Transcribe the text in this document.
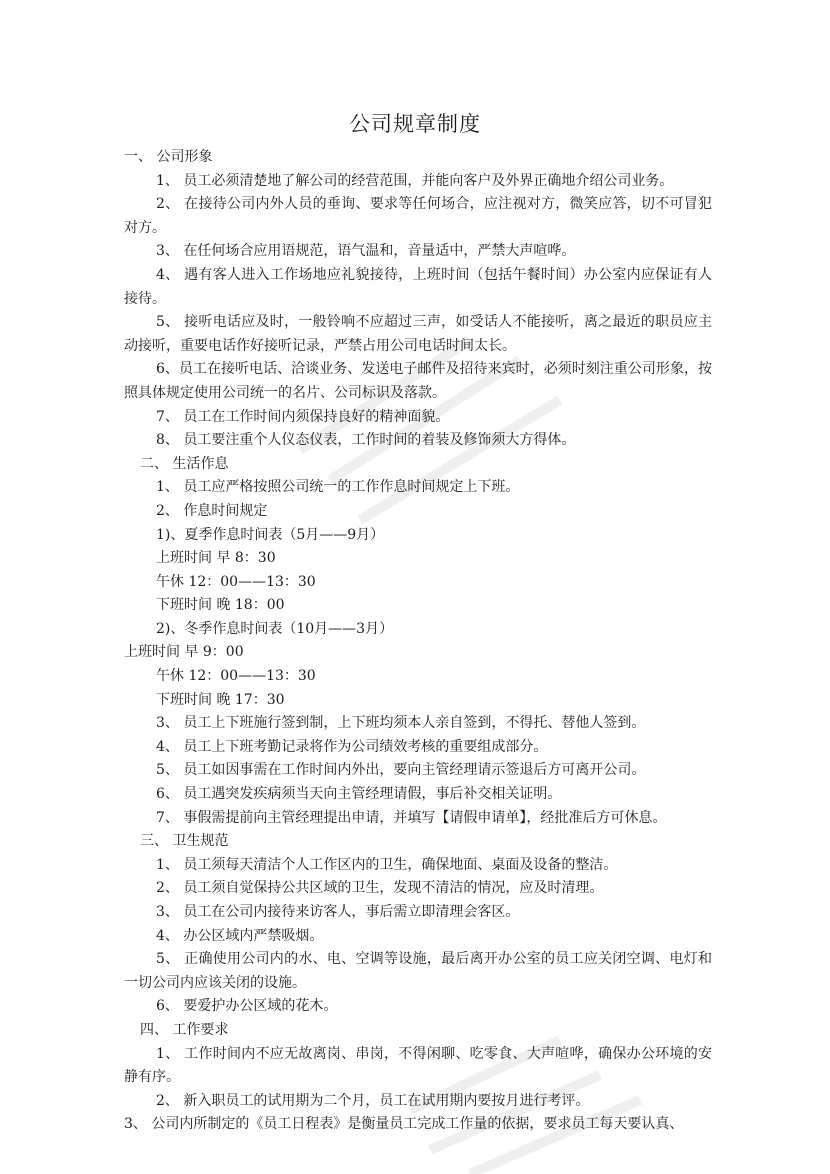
公司规章制度
一、 公司形象
1、 员工必须清楚地了解公司的经营范围，并能向客户及外界正确地介绍公司业务。
2、 在接待公司内外人员的垂询、要求等任何场合，应注视对方，微笑应答，切不可冒犯对方。
3、 在任何场合应用语规范，语气温和，音量适中，严禁大声喧哗。
4、 遇有客人进入工作场地应礼貌接待，上班时间（包括午餐时间）办公室内应保证有人接待。
5、 接听电话应及时，一般铃响不应超过三声，如受话人不能接听，离之最近的职员应主动接听，重要电话作好接听记录，严禁占用公司电话时间太长。
6、员工在接听电话、洽谈业务、发送电子邮件及招待来宾时，必须时刻注重公司形象，按照具体规定使用公司统一的名片、公司标识及落款。
7、 员工在工作时间内须保持良好的精神面貌。
8、 员工要注重个人仪态仪表，工作时间的着装及修饰须大方得体。
二、 生活作息
1、 员工应严格按照公司统一的工作作息时间规定上下班。
2、 作息时间规定
1)、夏季作息时间表（5月——9月）
上班时间 早 8：30
午休 12：00——13：30
下班时间 晚 18：00
2)、冬季作息时间表（10月——3月）
上班时间 早 9：00
午休 12：00——13：30
下班时间 晚 17：30
3、 员工上下班施行签到制，上下班均须本人亲自签到，不得托、替他人签到。
4、 员工上下班考勤记录将作为公司绩效考核的重要组成部分。
5、 员工如因事需在工作时间内外出，要向主管经理请示签退后方可离开公司。
6、 员工遇突发疾病须当天向主管经理请假，事后补交相关证明。
7、 事假需提前向主管经理提出申请，并填写【请假申请单】，经批准后方可休息。
三、 卫生规范
1、 员工须每天清洁个人工作区内的卫生，确保地面、桌面及设备的整洁。
2、 员工须自觉保持公共区域的卫生，发现不清洁的情况，应及时清理。
3、 员工在公司内接待来访客人，事后需立即清理会客区。
4、 办公区域内严禁吸烟。
5、 正确使用公司内的水、电、空调等设施，最后离开办公室的员工应关闭空调、电灯和一切公司内应该关闭的设施。
6、 要爱护办公区域的花木。
四、 工作要求
1、 工作时间内不应无故离岗、串岗，不得闲聊、吃零食、大声喧哗，确保办公环境的安静有序。
2、 新入职员工的试用期为二个月，员工在试用期内要按月进行考评。
3、 公司内所制定的《员工日程表》是衡量员工完成工作量的依据，要求员工每天要认真、
